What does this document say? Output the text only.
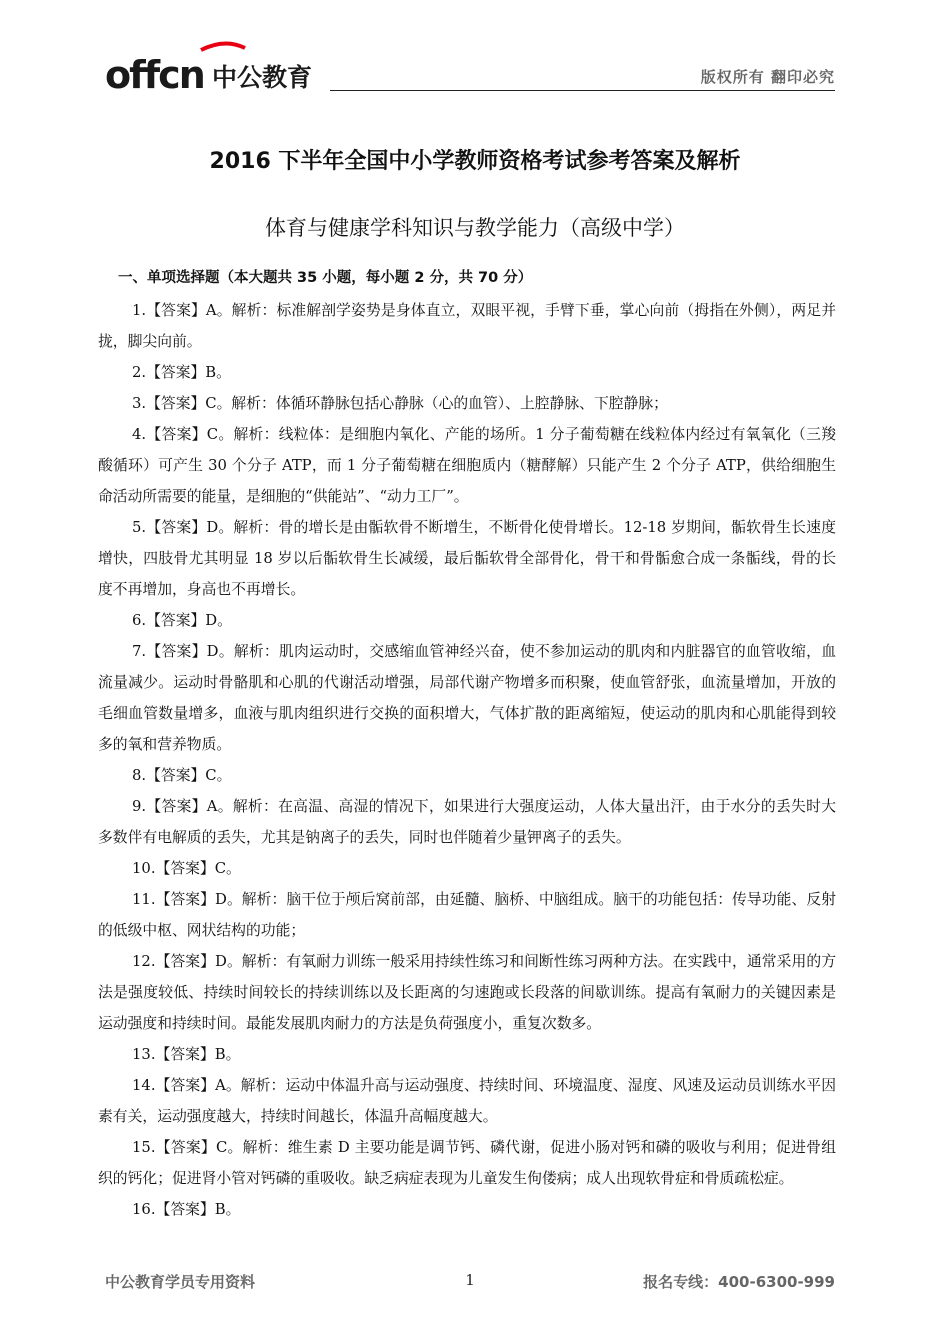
offcn 中公教育	版权所有 翻印必究
2016 下半年全国中小学教师资格考试参考答案及解析
体育与健康学科知识与教学能力（高级中学）
一、单项选择题（本大题共 35 小题，每小题 2 分，共 70 分）

1.【答案】A。解析：标准解剖学姿势是身体直立，双眼平视，手臂下垂，掌心向前（拇指在外侧），两足并拢，脚尖向前。

2.【答案】B。

3.【答案】C。解析：体循环静脉包括心静脉（心的血管）、上腔静脉、下腔静脉；

4.【答案】C。解析：线粒体：是细胞内氧化、产能的场所。1 分子葡萄糖在线粒体内经过有氧氧化（三羧酸循环）可产生 30 个分子 ATP，而 1 分子葡萄糖在细胞质内（糖酵解）只能产生 2 个分子 ATP，供给细胞生命活动所需要的能量，是细胞的“供能站”、“动力工厂”。

5.【答案】D。解析：骨的增长是由骺软骨不断增生，不断骨化使骨增长。12-18 岁期间，骺软骨生长速度增快，四肢骨尤其明显 18 岁以后骺软骨生长减缓，最后骺软骨全部骨化，骨干和骨骺愈合成一条骺线，骨的长度不再增加，身高也不再增长。

6.【答案】D。

7.【答案】D。解析：肌肉运动时，交感缩血管神经兴奋，使不参加运动的肌肉和内脏器官的血管收缩，血流量减少。运动时骨骼肌和心肌的代谢活动增强，局部代谢产物增多而积聚，使血管舒张，血流量增加，开放的毛细血管数量增多，血液与肌肉组织进行交换的面积增大，气体扩散的距离缩短，使运动的肌肉和心肌能得到较多的氧和营养物质。

8.【答案】C。

9.【答案】A。解析：在高温、高湿的情况下，如果进行大强度运动，人体大量出汗，由于水分的丢失时大多数伴有电解质的丢失，尤其是钠离子的丢失，同时也伴随着少量钾离子的丢失。

10.【答案】C。

11.【答案】D。解析：脑干位于颅后窝前部，由延髓、脑桥、中脑组成。脑干的功能包括：传导功能、反射的低级中枢、网状结构的功能；

12.【答案】D。解析：有氧耐力训练一般采用持续性练习和间断性练习两种方法。在实践中，通常采用的方法是强度较低、持续时间较长的持续训练以及长距离的匀速跑或长段落的间歇训练。提高有氧耐力的关键因素是运动强度和持续时间。最能发展肌肉耐力的方法是负荷强度小，重复次数多。

13.【答案】B。

14.【答案】A。解析：运动中体温升高与运动强度、持续时间、环境温度、湿度、风速及运动员训练水平因素有关，运动强度越大，持续时间越长，体温升高幅度越大。

15.【答案】C。解析：维生素 D 主要功能是调节钙、磷代谢，促进小肠对钙和磷的吸收与利用；促进骨组织的钙化；促进肾小管对钙磷的重吸收。缺乏病症表现为儿童发生佝偻病；成人出现软骨症和骨质疏松症。

16.【答案】B。

中公教育学员专用资料	1	报名专线：400-6300-999
